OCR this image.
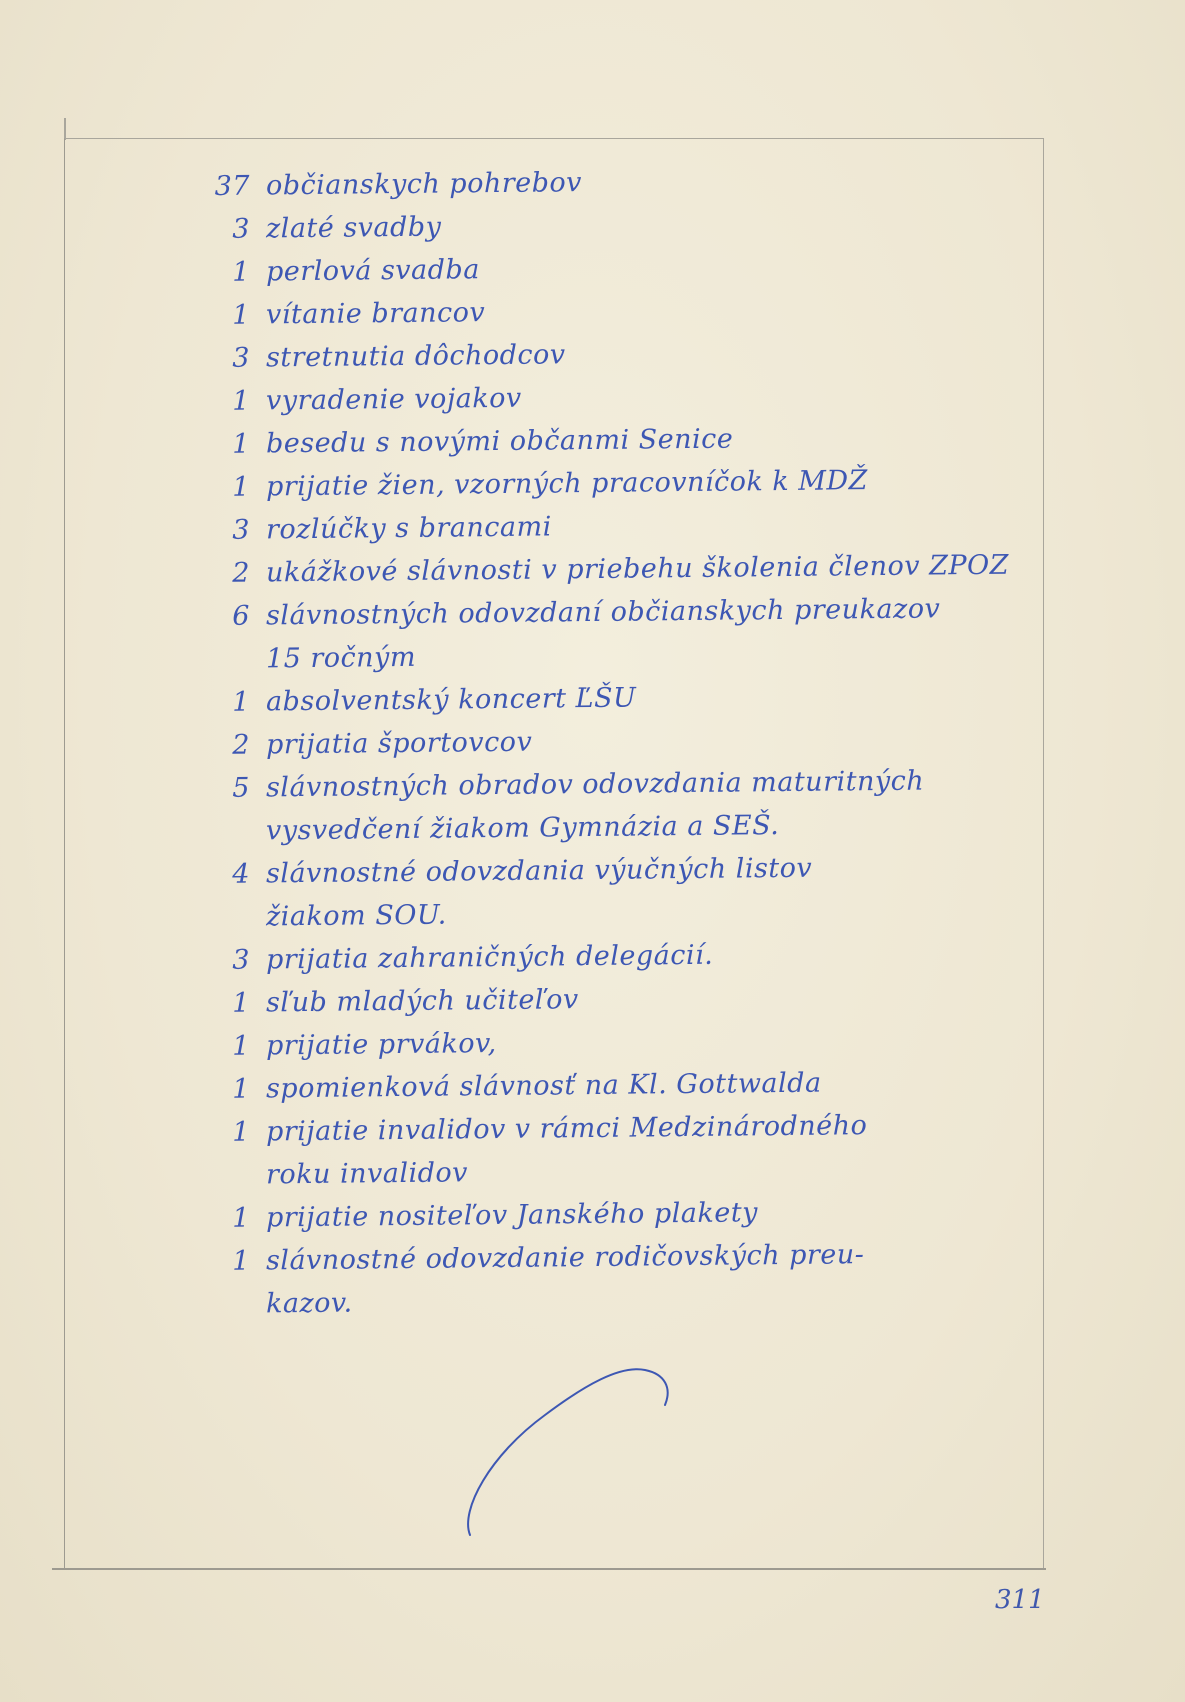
37 občianskych pohrebov
3 zlaté svadby
1 perlová svadba
1 vítanie brancov
3 stretnutia dôchodcov
1 vyradenie vojakov
1 besedu s novými občanmi Senice
1 prijatie žien, vzorných pracovníčok k MDŽ
3 rozlúčky s brancami
2 ukážkové slávnosti v priebehu školenia členov ZPOZ
6 slávnostných odovzdaní občianskych preukazov
15 ročným
1 absolventský koncert ĽŠU
2 prijatia športovcov
5 slávnostných obradov odovzdania maturitných
vysvedčení žiakom Gymnázia a SEŠ.
4 slávnostné odovzdania výučných listov
žiakom SOU.
3 prijatia zahraničných delegácií.
1 sľub mladých učiteľov
1 prijatie prvákov,
1 spomienková slávnosť na Kl. Gottwalda
1 prijatie invalidov v rámci Medzinárodného
roku invalidov
1 prijatie nositeľov Janského plakety
1 slávnostné odovzdanie rodičovských preu-
kazov.
311
